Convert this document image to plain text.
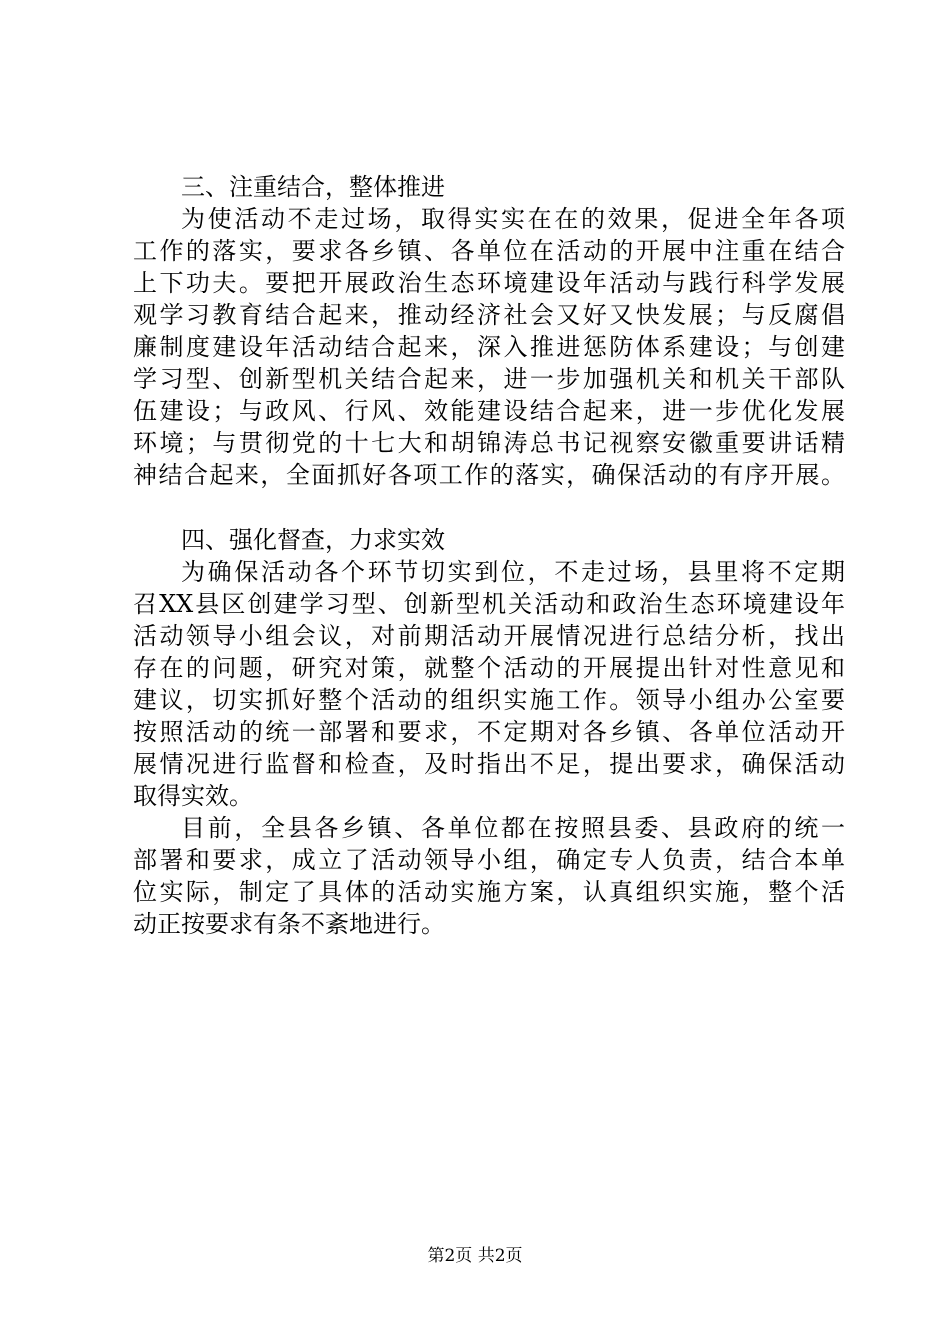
三、注重结合，整体推进
为使活动不走过场，取得实实在在的效果，促进全年各项
工作的落实，要求各乡镇、各单位在活动的开展中注重在结合
上下功夫。要把开展政治生态环境建设年活动与践行科学发展
观学习教育结合起来，推动经济社会又好又快发展；与反腐倡
廉制度建设年活动结合起来，深入推进惩防体系建设；与创建
学习型、创新型机关结合起来，进一步加强机关和机关干部队
伍建设；与政风、行风、效能建设结合起来，进一步优化发展
环境；与贯彻党的十七大和胡锦涛总书记视察安徽重要讲话精
神结合起来，全面抓好各项工作的落实，确保活动的有序开展。
四、强化督查，力求实效
为确保活动各个环节切实到位，不走过场，县里将不定期
召XX县区创建学习型、创新型机关活动和政治生态环境建设年
活动领导小组会议，对前期活动开展情况进行总结分析，找出
存在的问题，研究对策，就整个活动的开展提出针对性意见和
建议，切实抓好整个活动的组织实施工作。领导小组办公室要
按照活动的统一部署和要求，不定期对各乡镇、各单位活动开
展情况进行监督和检查，及时指出不足，提出要求，确保活动
取得实效。
目前，全县各乡镇、各单位都在按照县委、县政府的统一
部署和要求，成立了活动领导小组，确定专人负责，结合本单
位实际，制定了具体的活动实施方案，认真组织实施，整个活
动正按要求有条不紊地进行。
第2页 共2页
